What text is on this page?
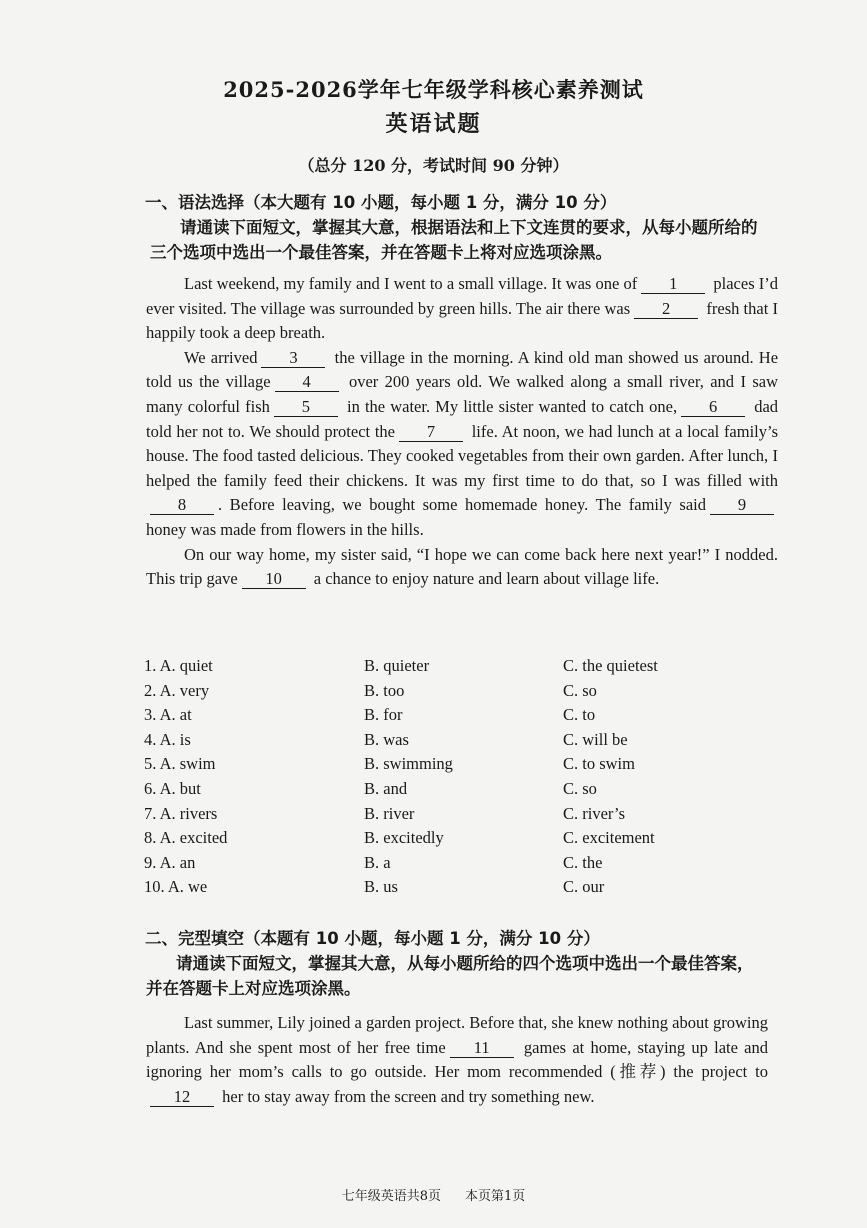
2025-2026学年七年级学科核心素养测试
英语试题
（总分 120 分，考试时间 90 分钟）
一、语法选择（本大题有 10 小题，每小题 1 分，满分 10 分）
请通读下面短文，掌握其大意，根据语法和上下文连贯的要求，从每小题所给的三个选项中选出一个最佳答案，并在答题卡上将对应选项涂黑。

Last weekend, my family and I went to a small village. It was one of 1 places I’d ever visited. The village was surrounded by green hills. The air there was 2 fresh that I happily took a deep breath.

We arrived 3 the village in the morning. A kind old man showed us around. He told us the village 4 over 200 years old. We walked along a small river, and I saw many colorful fish 5 in the water. My little sister wanted to catch one, 6 dad told her not to. We should protect the 7 life. At noon, we had lunch at a local family’s house. The food tasted delicious. They cooked vegetables from their own garden. After lunch, I helped the family feed their chickens. It was my first time to do that, so I was filled with8 . Before leaving, we bought some homemade honey. The family said 9 honey was made from flowers in the hills.

On our way home, my sister said, “I hope we can come back here next year!” I nodded. This trip gave 10 a chance to enjoy nature and learn about village life.

1. A. quiet	B. quieter	C. the quietest
2. A. very	B. too	C. so
3. A. at	B. for	C. to
4. A. is	B. was	C. will be
5. A. swim	B. swimming	C. to swim
6. A. but	B. and	C. so
7. A. rivers	B. river	C. river’s
8. A. excited	B. excitedly	C. excitement
9. A. an	B. a	C. the
10. A. we	B. us	C. our
二、完型填空（本题有 10 小题，每小题 1 分，满分 10 分）
请通读下面短文，掌握其大意，从每小题所给的四个选项中选出一个最佳答案，并在答题卡上对应选项涂黑。

Last summer, Lily joined a garden project. Before that, she knew nothing about growing plants. And she spent most of her free time 11 games at home, staying up late and ignoring her mom’s calls to go outside. Her mom recommended (推荐) the project to12 her to stay away from the screen and try something new.

七年级英语共8页 本页第1页
